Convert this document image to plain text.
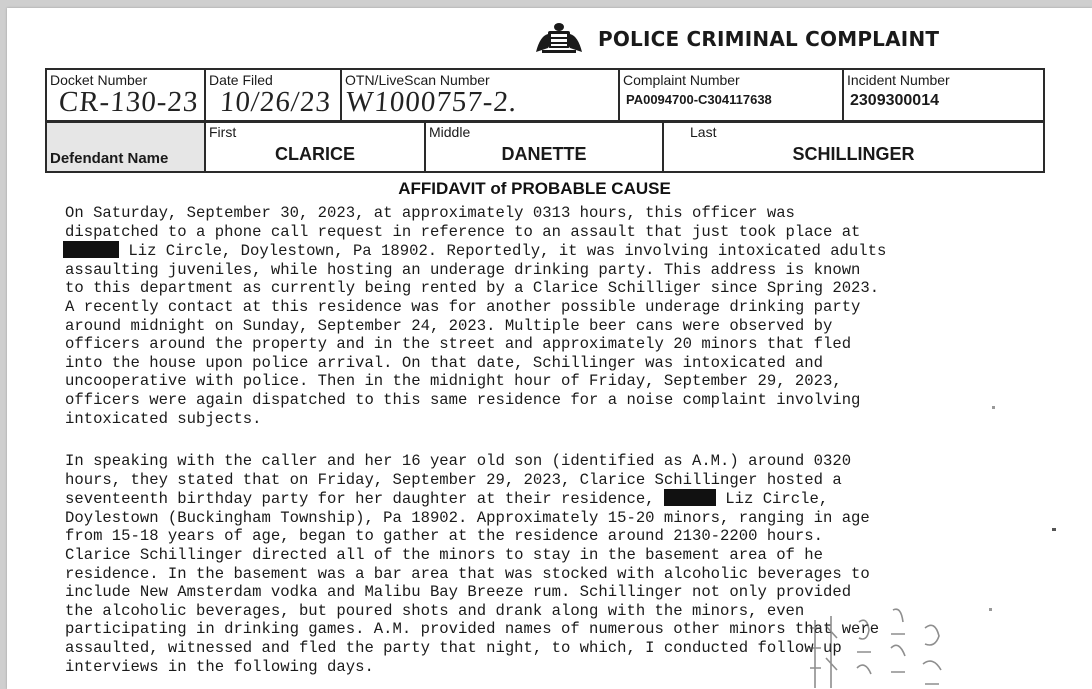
POLICE CRIMINAL COMPLAINT
Docket Number
CR-130-23

Date Filed
10/26/23

OTN/LiveScan Number
W1000757-2.

Complaint Number
PA0094700-C304117638

Incident Number
2309300014
Defendant Name

First
CLARICE

Middle
DANETTE

Last
SCHILLINGER
AFFIDAVIT of PROBABLE CAUSE
On Saturday, September 30, 2023, at approximately 0313 hours, this officer was
dispatched to a phone call request in reference to an assault that just took place at
Liz Circle, Doylestown, Pa 18902. Reportedly, it was involving intoxicated adults
assaulting juveniles, while hosting an underage drinking party. This address is known
to this department as currently being rented by a Clarice Schilliger since Spring 2023.
A recently contact at this residence was for another possible underage drinking party
around midnight on Sunday, September 24, 2023. Multiple beer cans were observed by
officers around the property and in the street and approximately 20 minors that fled
into the house upon police arrival. On that date, Schillinger was intoxicated and
uncooperative with police. Then in the midnight hour of Friday, September 29, 2023,
officers were again dispatched to this same residence for a noise complaint involving
intoxicated subjects.
In speaking with the caller and her 16 year old son (identified as A.M.) around 0320
hours, they stated that on Friday, September 29, 2023, Clarice Schillinger hosted a
seventeenth birthday party for her daughter at their residence,	Liz Circle,
Doylestown (Buckingham Township), Pa 18902. Approximately 15-20 minors, ranging in age
from 15-18 years of age, began to gather at the residence around 2130-2200 hours.
Clarice Schillinger directed all of the minors to stay in the basement area of he
residence. In the basement was a bar area that was stocked with alcoholic beverages to
include New Amsterdam vodka and Malibu Bay Breeze rum. Schillinger not only provided
the alcoholic beverages, but poured shots and drank along with the minors, even
participating in drinking games. A.M. provided names of numerous other minors that were
assaulted, witnessed and fled the party that night, to which, I conducted follow up
interviews in the following days.
